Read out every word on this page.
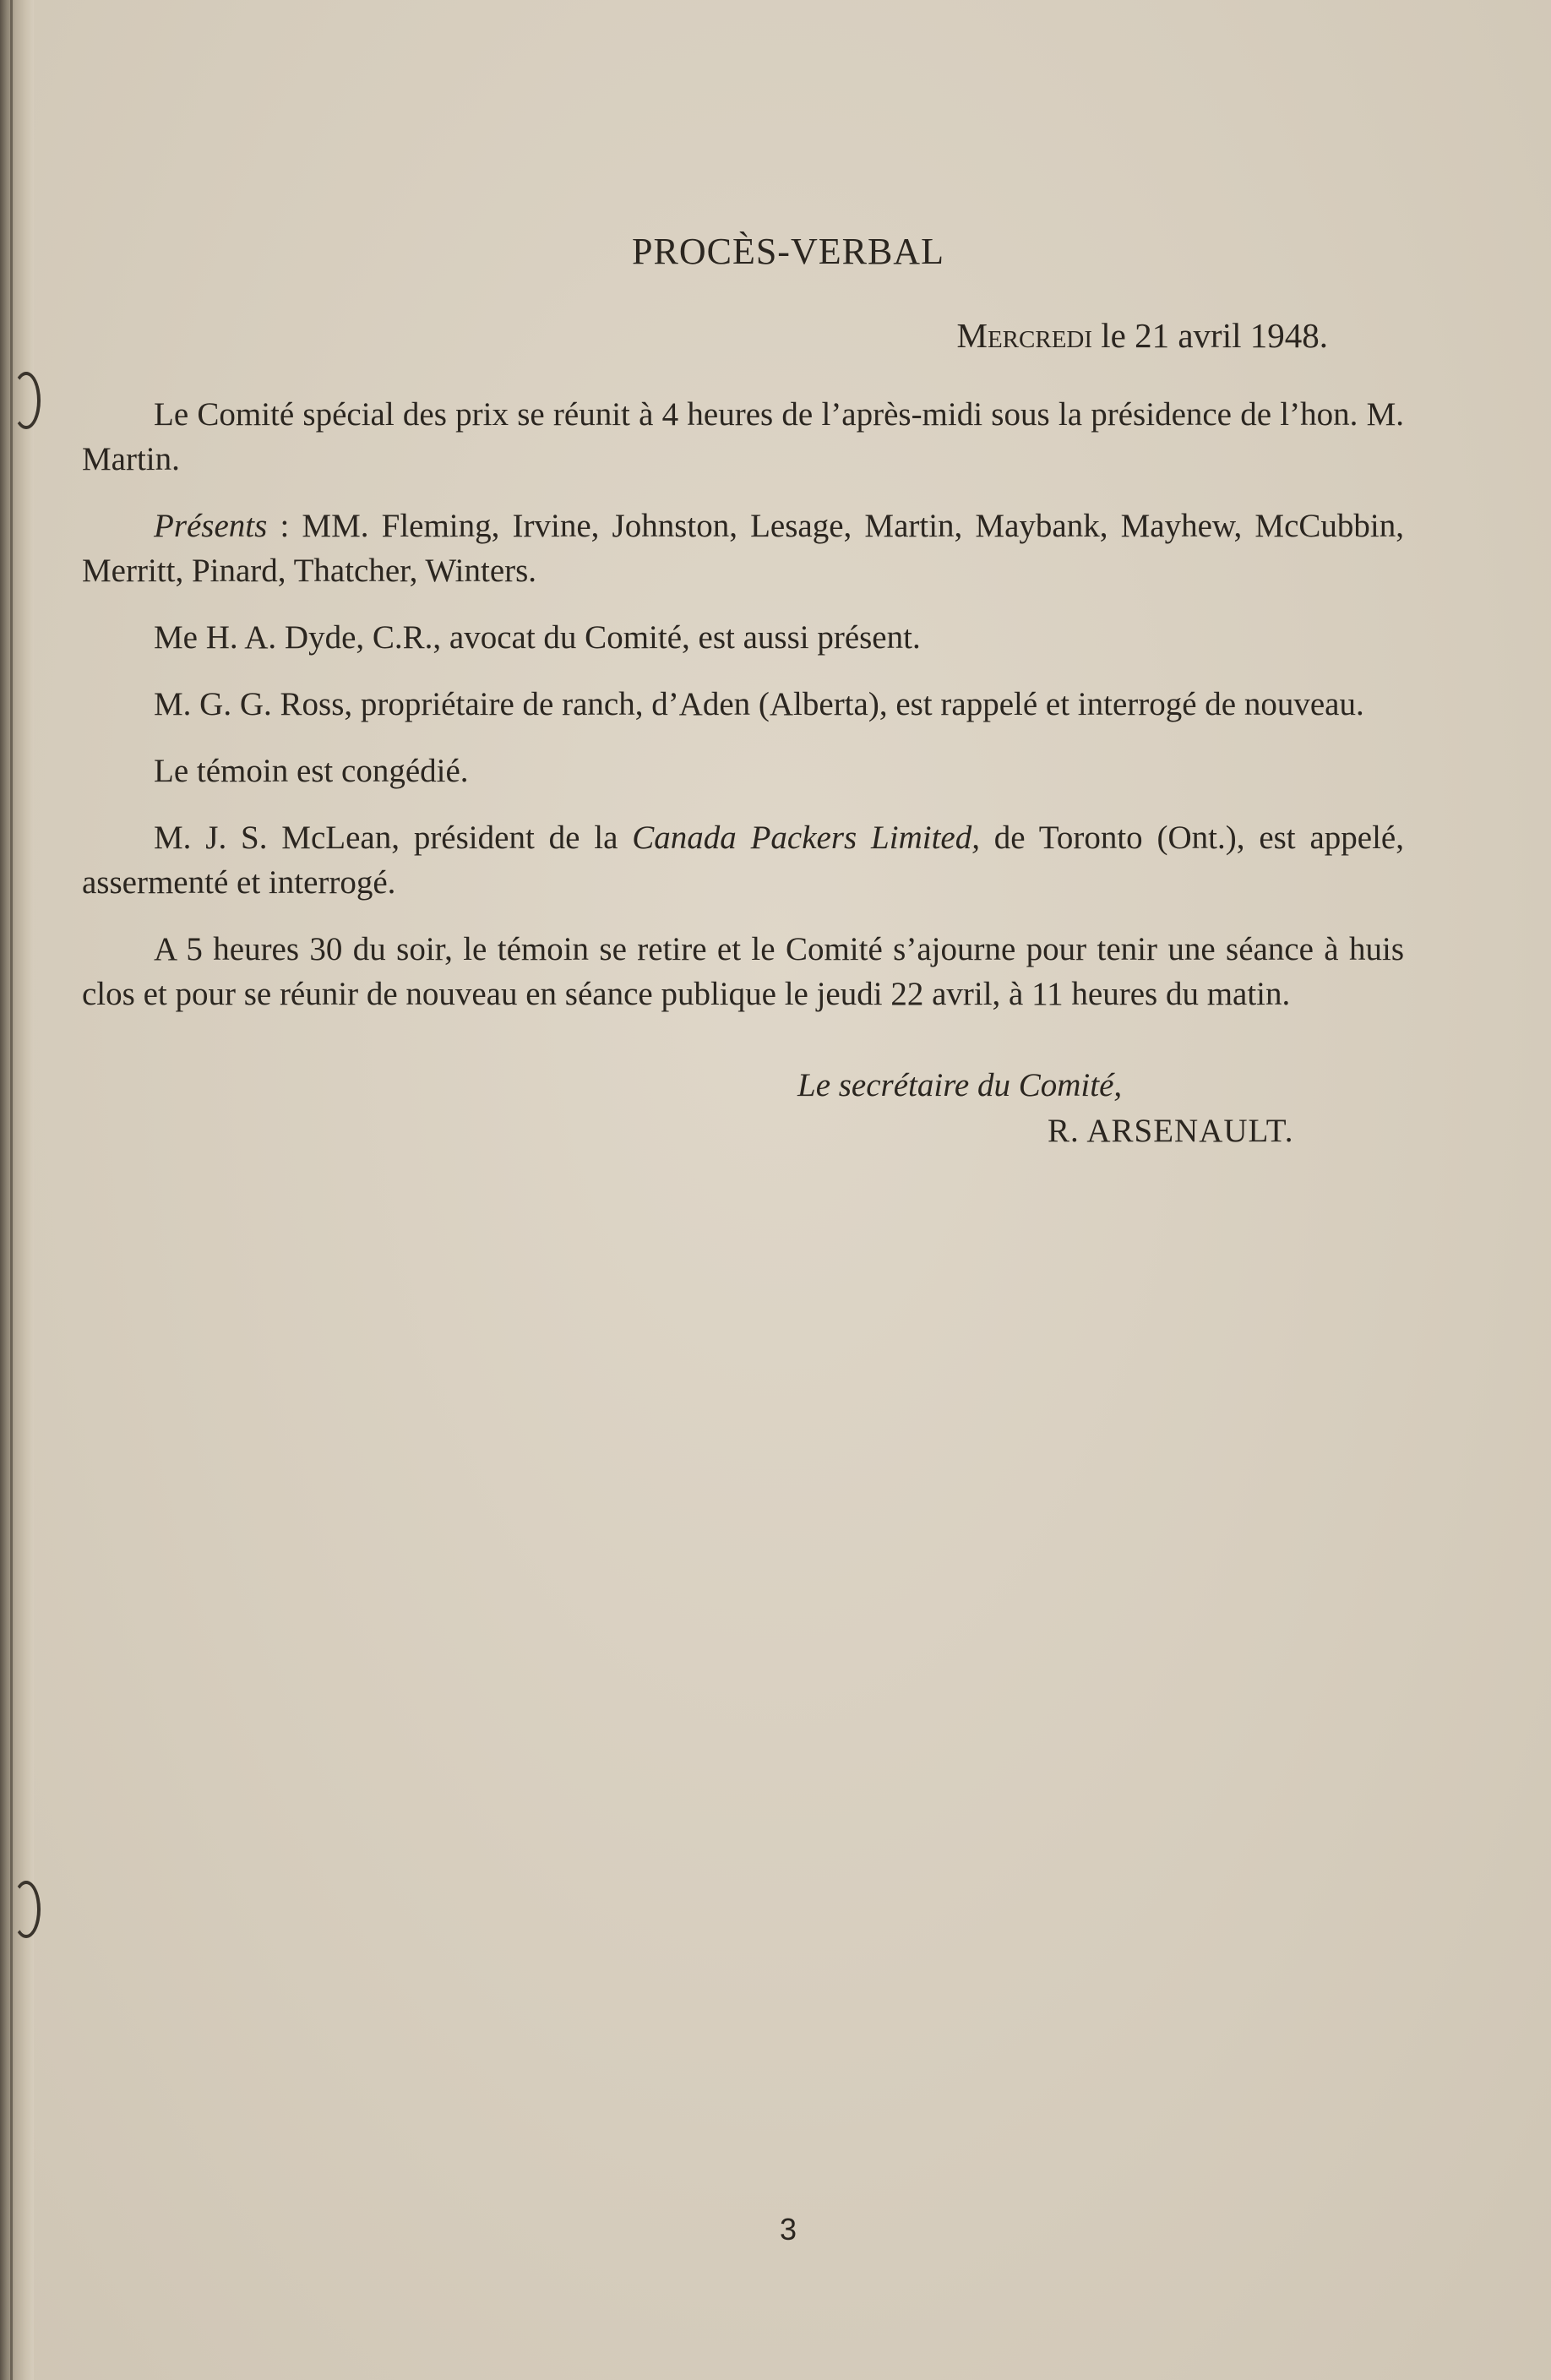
PROCÈS-VERBAL
Mercredi le 21 avril 1948.

Le Comité spécial des prix se réunit à 4 heures de l’après-midi sous la présidence de l’hon. M. Martin.

Présents : MM. Fleming, Irvine, Johnston, Lesage, Martin, Maybank, Mayhew, McCubbin, Merritt, Pinard, Thatcher, Winters.

Me H. A. Dyde, C.R., avocat du Comité, est aussi présent.

M. G. G. Ross, propriétaire de ranch, d’Aden (Alberta), est rappelé et interrogé de nouveau.

Le témoin est congédié.

M. J. S. McLean, président de la Canada Packers Limited, de Toronto (Ont.), est appelé, assermenté et interrogé.

A 5 heures 30 du soir, le témoin se retire et le Comité s’ajourne pour tenir une séance à huis clos et pour se réunir de nouveau en séance publique le jeudi 22 avril, à 11 heures du matin.

Le secrétaire du Comité,
R. ARSENAULT.
3
